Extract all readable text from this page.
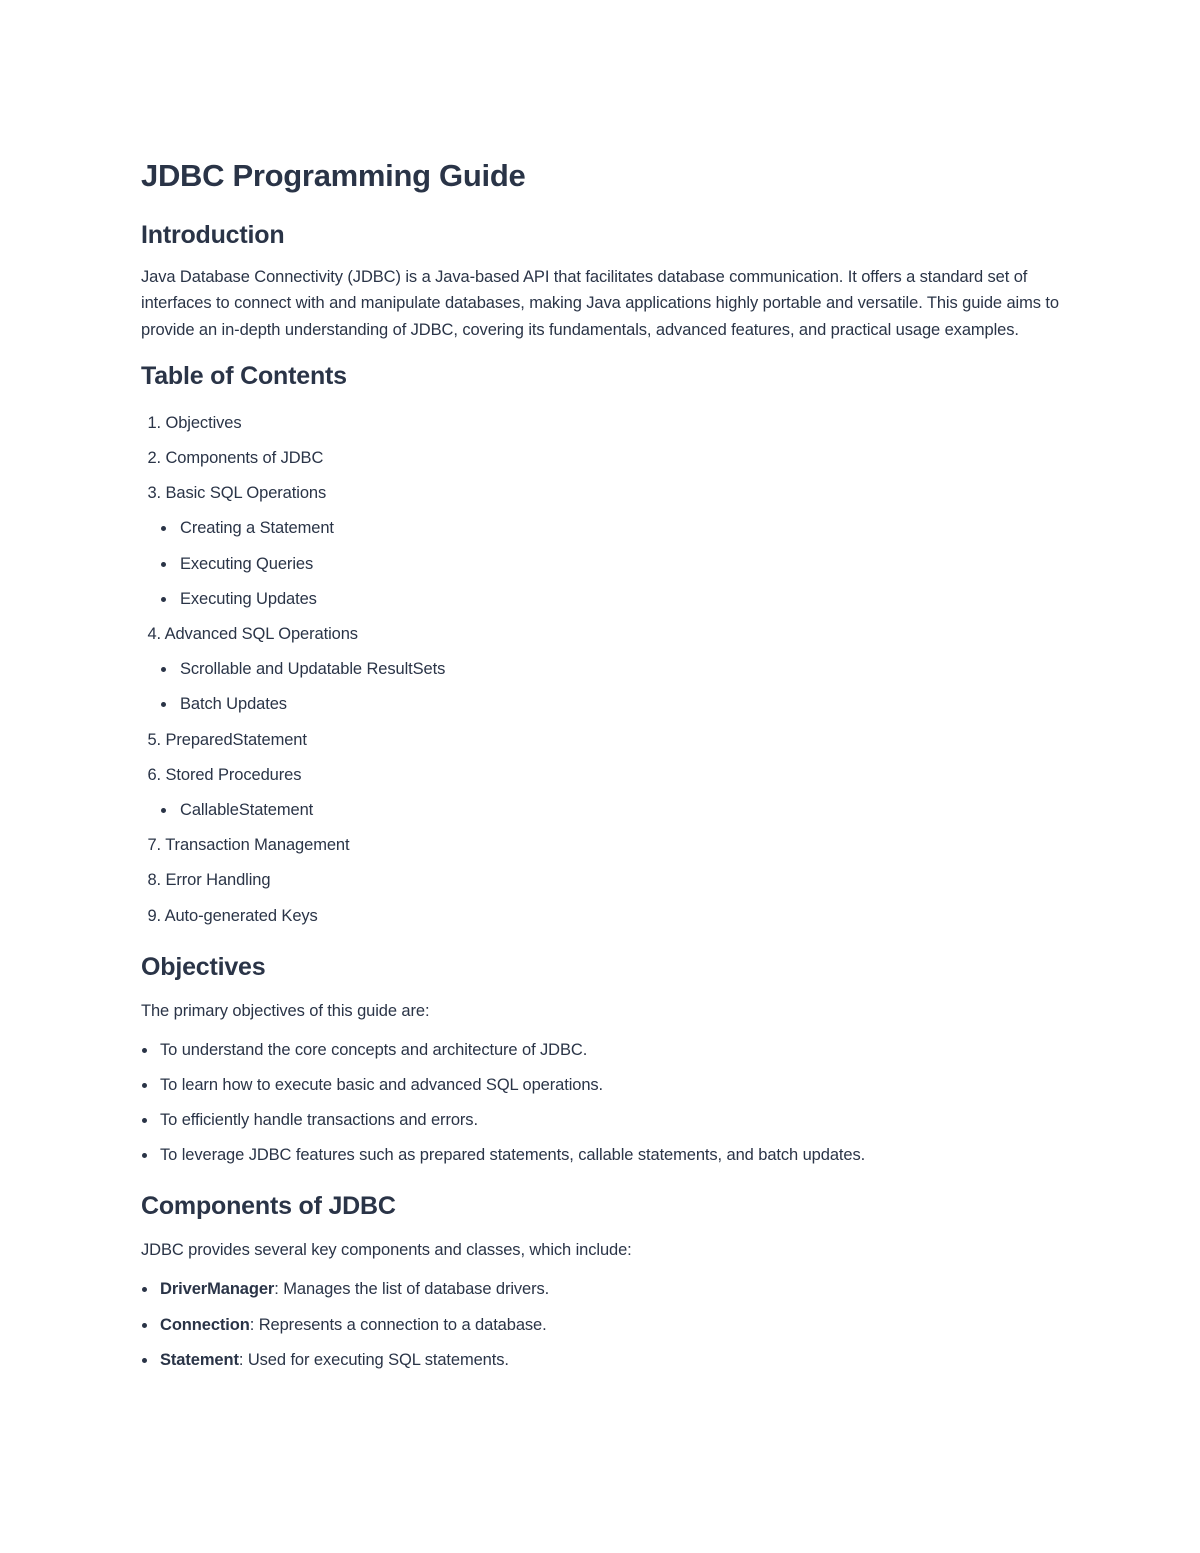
JDBC Programming Guide
Introduction

Java Database Connectivity (JDBC) is a Java-based API that facilitates database communication. It offers a standard set of interfaces to connect with and manipulate databases, making Java applications highly portable and versatile. This guide aims to provide an in-depth understanding of JDBC, covering its fundamentals, advanced features, and practical usage examples.

Table of Contents
1. Objectives
2. Components of JDBC
3. Basic SQL Operations
Creating a Statement
Executing Queries
Executing Updates
4. Advanced SQL Operations
Scrollable and Updatable ResultSets
Batch Updates
5. PreparedStatement
6. Stored Procedures
CallableStatement
7. Transaction Management
8. Error Handling
9. Auto-generated Keys
Objectives

The primary objectives of this guide are:

To understand the core concepts and architecture of JDBC.
To learn how to execute basic and advanced SQL operations.
To efficiently handle transactions and errors.
To leverage JDBC features such as prepared statements, callable statements, and batch updates.
Components of JDBC

JDBC provides several key components and classes, which include:

DriverManager: Manages the list of database drivers.
Connection: Represents a connection to a database.
Statement: Used for executing SQL statements.
